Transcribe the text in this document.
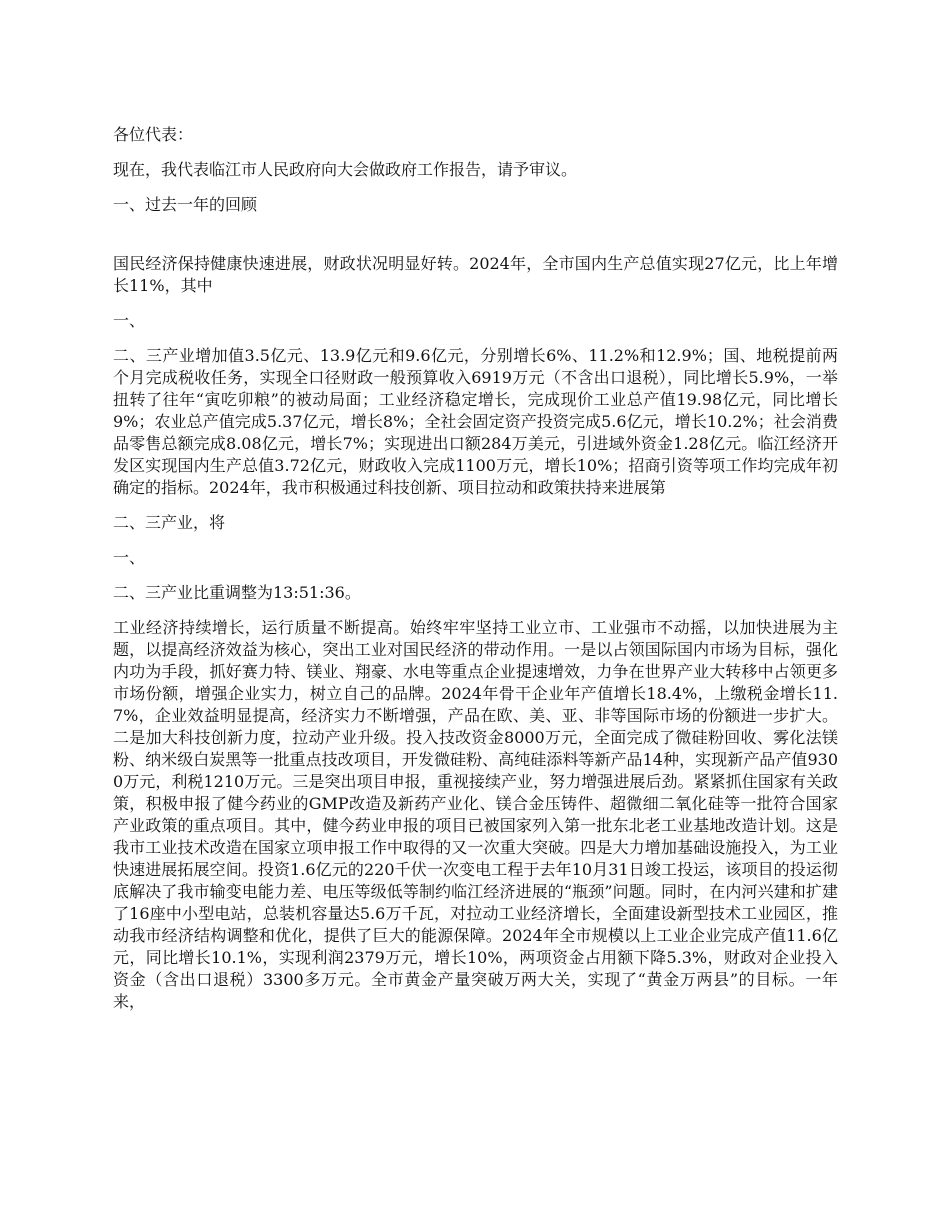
各位代表：

现在，我代表临江市人民政府向大会做政府工作报告，请予审议。

一、过去一年的回顾

国民经济保持健康快速进展，财政状况明显好转。2024年，全市国内生产总值实现27亿元，比上年增长11%，其中

一、

二、三产业增加值3.5亿元、13.9亿元和9.6亿元，分别增长6%、11.2%和12.9%；国、地税提前两个月完成税收任务，实现全口径财政一般预算收入6919万元（不含出口退税），同比增长5.9%，一举扭转了往年“寅吃卯粮”的被动局面；工业经济稳定增长，完成现价工业总产值19.98亿元，同比增长9%；农业总产值完成5.37亿元，增长8%；全社会固定资产投资完成5.6亿元，增长10.2%；社会消费品零售总额完成8.08亿元，增长7%；实现进出口额284万美元，引进域外资金1.28亿元。临江经济开发区实现国内生产总值3.72亿元，财政收入完成1100万元，增长10%；招商引资等项工作均完成年初确定的指标。2024年，我市积极通过科技创新、项目拉动和政策扶持来进展第

二、三产业，将

一、

二、三产业比重调整为13:51:36。

工业经济持续增长，运行质量不断提高。始终牢牢坚持工业立市、工业强市不动摇，以加快进展为主题，以提高经济效益为核心，突出工业对国民经济的带动作用。一是以占领国际国内市场为目标，强化内功为手段，抓好赛力特、镁业、翔豪、水电等重点企业提速增效，力争在世界产业大转移中占领更多市场份额，增强企业实力，树立自己的品牌。2024年骨干企业年产值增长18.4%，上缴税金增长11.7%，企业效益明显提高，经济实力不断增强，产品在欧、美、亚、非等国际市场的份额进一步扩大。二是加大科技创新力度，拉动产业升级。投入技改资金8000万元，全面完成了微硅粉回收、雾化法镁粉、纳米级白炭黑等一批重点技改项目，开发微硅粉、高纯硅添料等新产品14种，实现新产品产值9300万元，利税1210万元。三是突出项目申报，重视接续产业，努力增强进展后劲。紧紧抓住国家有关政策，积极申报了健今药业的GMP改造及新药产业化、镁合金压铸件、超微细二氧化硅等一批符合国家产业政策的重点项目。其中，健今药业申报的项目已被国家列入第一批东北老工业基地改造计划。这是我市工业技术改造在国家立项申报工作中取得的又一次重大突破。四是大力增加基础设施投入，为工业快速进展拓展空间。投资1.6亿元的220千伏一次变电工程于去年10月31日竣工投运，该项目的投运彻底解决了我市输变电能力差、电压等级低等制约临江经济进展的“瓶颈”问题。同时，在内河兴建和扩建了16座中小型电站，总装机容量达5.6万千瓦，对拉动工业经济增长，全面建设新型技术工业园区，推动我市经济结构调整和优化，提供了巨大的能源保障。2024年全市规模以上工业企业完成产值11.6亿元，同比增长10.1%，实现利润2379万元，增长10%，两项资金占用额下降5.3%，财政对企业投入资金（含出口退税）3300多万元。全市黄金产量突破万两大关，实现了“黄金万两县”的目标。一年来，
